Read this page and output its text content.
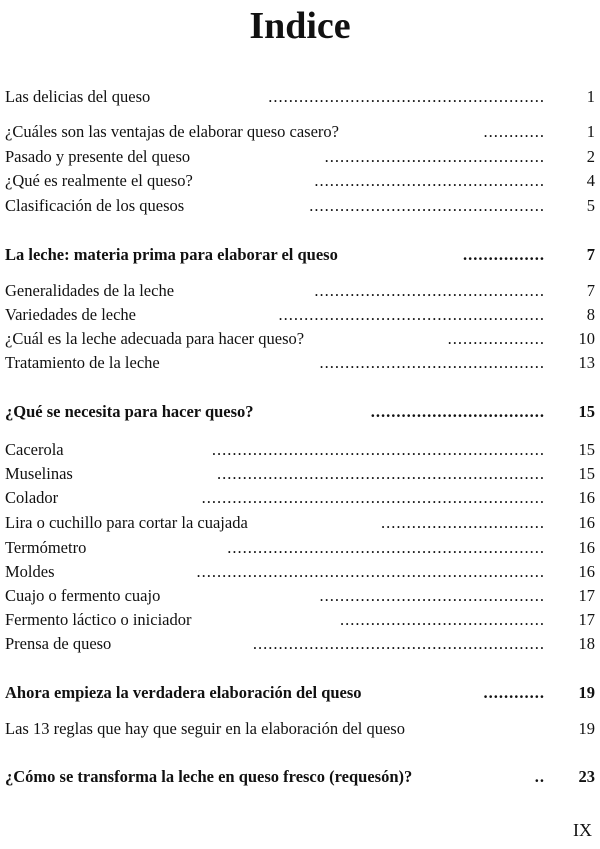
Indice
Las delicias del queso	......................................................	1
¿Cuáles son las ventajas de elaborar queso casero?	............	1
Pasado y presente del queso	...........................................	2
¿Qué es realmente el queso?	.............................................	4
Clasificación de los quesos	..............................................	5
La leche: materia prima para elaborar el queso	................	7
Generalidades de la leche	.............................................	7
Variedades de leche	....................................................	8
¿Cuál es la leche adecuada para hacer queso?	................... 10
Tratamiento de la leche	............................................ 13
¿Qué se necesita para hacer queso?	.................................. 15
Cacerola	................................................................. 15
Muselinas	................................................................ 15
Colador	................................................................... 16
Lira o cuchillo para cortar la cuajada	................................ 16
Termómetro	.............................................................. 16
Moldes	.................................................................... 16
Cuajo o fermento cuajo	............................................ 17
Fermento láctico o iniciador	........................................ 17
Prensa de queso	......................................................... 18
Ahora empieza la verdadera elaboración del queso	............ 19
Las 13 reglas que hay que seguir en la elaboración del queso	19
¿Cómo se transforma la leche en queso fresco (requesón)?	.. 23
IX
